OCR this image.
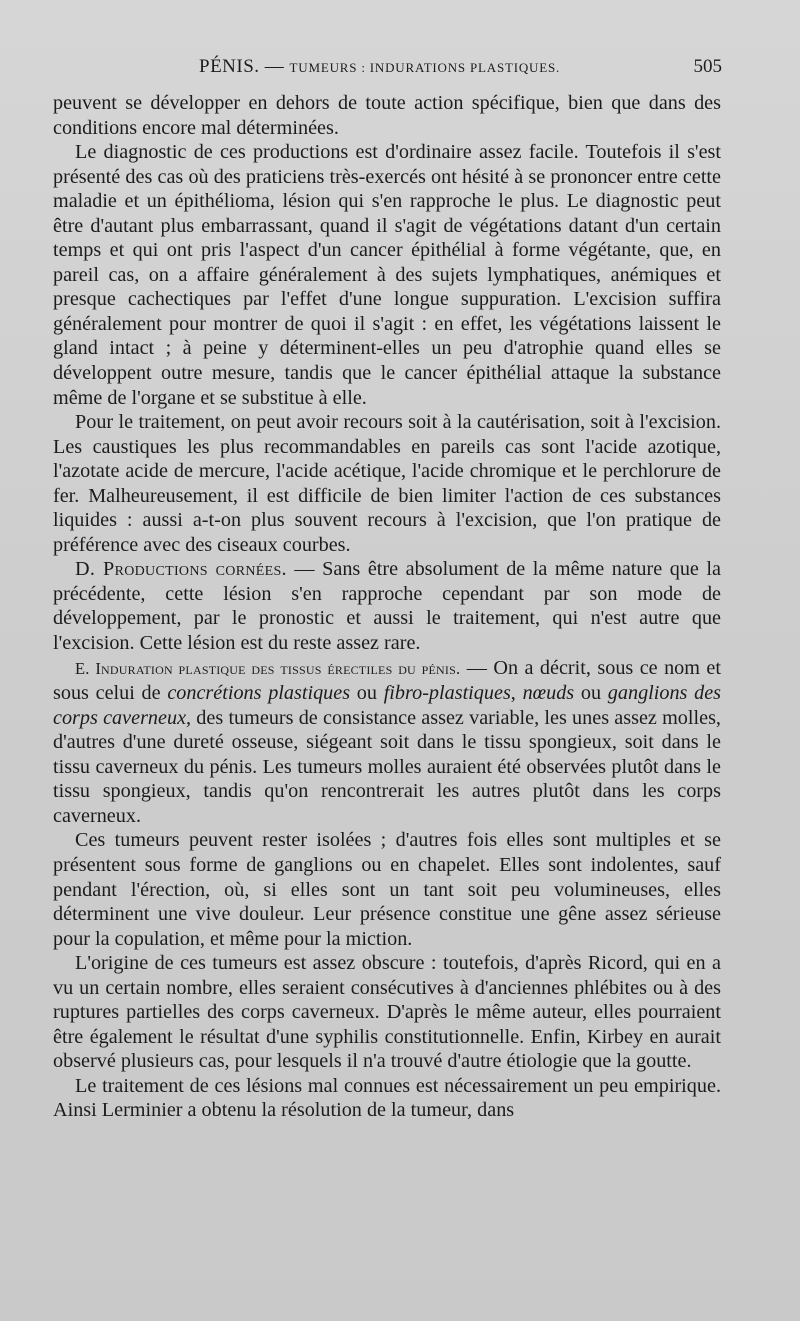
PÉNIS. — TUMEURS : INDURATIONS PLASTIQUES.	505

peuvent se développer en dehors de toute action spécifique, bien que dans des conditions encore mal déterminées.

Le diagnostic de ces productions est d'ordinaire assez facile. Toutefois il s'est présenté des cas où des praticiens très-exercés ont hésité à se prononcer entre cette maladie et un épithélioma, lésion qui s'en rapproche le plus. Le diagnostic peut être d'autant plus embarrassant, quand il s'agit de végétations datant d'un certain temps et qui ont pris l'aspect d'un cancer épithélial à forme végétante, que, en pareil cas, on a affaire généralement à des sujets lymphatiques, anémiques et presque cachectiques par l'effet d'une longue suppuration. L'excision suffira généralement pour montrer de quoi il s'agit : en effet, les végétations laissent le gland intact ; à peine y déterminent-elles un peu d'atrophie quand elles se développent outre mesure, tandis que le cancer épithélial attaque la substance même de l'organe et se substitue à elle.

Pour le traitement, on peut avoir recours soit à la cautérisation, soit à l'excision. Les caustiques les plus recommandables en pareils cas sont l'acide azotique, l'azotate acide de mercure, l'acide acétique, l'acide chromique et le perchlorure de fer. Malheureusement, il est difficile de bien limiter l'action de ces substances liquides : aussi a-t-on plus souvent recours à l'excision, que l'on pratique de préférence avec des ciseaux courbes.

D. Productions cornées. — Sans être absolument de la même nature que la précédente, cette lésion s'en rapproche cependant par son mode de développement, par le pronostic et aussi le traitement, qui n'est autre que l'excision. Cette lésion est du reste assez rare.

E. Induration plastique des tissus érectiles du pénis. — On a décrit, sous ce nom et sous celui de concrétions plastiques ou fibro-plastiques, nœuds ou ganglions des corps caverneux, des tumeurs de consistance assez variable, les unes assez molles, d'autres d'une dureté osseuse, siégeant soit dans le tissu spongieux, soit dans le tissu caverneux du pénis. Les tumeurs molles auraient été observées plutôt dans le tissu spongieux, tandis qu'on rencontrerait les autres plutôt dans les corps caverneux.

Ces tumeurs peuvent rester isolées ; d'autres fois elles sont multiples et se présentent sous forme de ganglions ou en chapelet. Elles sont indolentes, sauf pendant l'érection, où, si elles sont un tant soit peu volumineuses, elles déterminent une vive douleur. Leur présence constitue une gêne assez sérieuse pour la copulation, et même pour la miction.

L'origine de ces tumeurs est assez obscure : toutefois, d'après Ricord, qui en a vu un certain nombre, elles seraient consécutives à d'anciennes phlébites ou à des ruptures partielles des corps caverneux. D'après le même auteur, elles pourraient être également le résultat d'une syphilis constitutionnelle. Enfin, Kirbey en aurait observé plusieurs cas, pour lesquels il n'a trouvé d'autre étiologie que la goutte.

Le traitement de ces lésions mal connues est nécessairement un peu empirique. Ainsi Lerminier a obtenu la résolution de la tumeur, dans
